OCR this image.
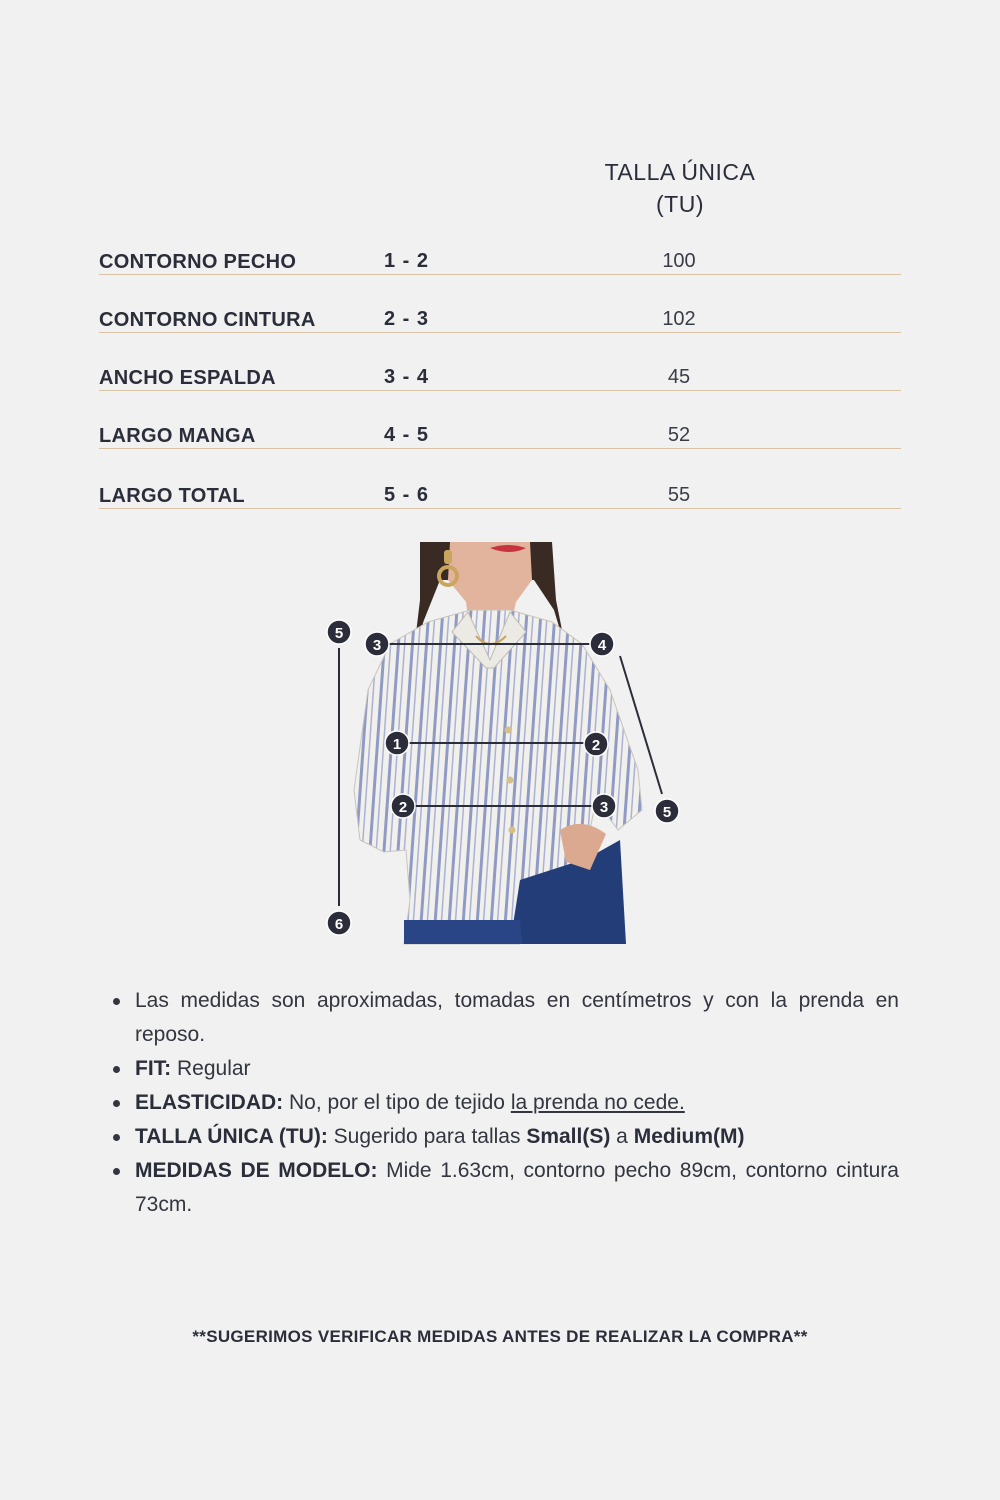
TALLA ÚNICA
(TU)
CONTORNO PECHO	1 - 2	100
CONTORNO CINTURA	2 - 3	102
ANCHO ESPALDA	3 - 4	45
LARGO MANGA	4 - 5	52
LARGO TOTAL	5 - 6	55
3	4
1	2
2	3
5
5
6
Las medidas son aproximadas, tomadas en centímetros y con la prenda en reposo.
FIT: Regular
ELASTICIDAD: No, por el tipo de tejido la prenda no cede.
TALLA ÚNICA (TU): Sugerido para tallas Small(S) a Medium(M)
MEDIDAS DE MODELO: Mide 1.63cm, contorno pecho 89cm, contorno cintura 73cm.
**SUGERIMOS VERIFICAR MEDIDAS ANTES DE REALIZAR LA COMPRA**
